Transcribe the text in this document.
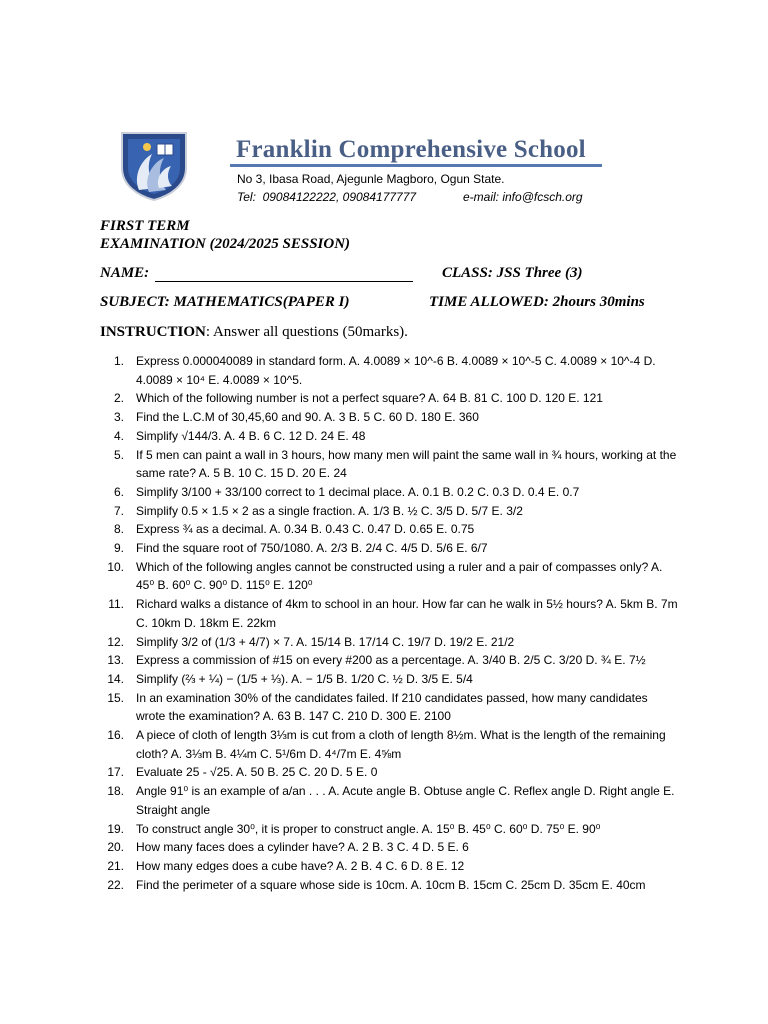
Franklin Comprehensive School
No 3, Ibasa Road, Ajegunle Magboro, Ogun State.
Tel:  09084122222, 09084177777	e-mail: info@fcsch.org
FIRST TERM
EXAMINATION (2024/2025 SESSION)
NAME:	CLASS: JSS Three (3)
SUBJECT: MATHEMATICS(PAPER I)	TIME ALLOWED: 2hours 30mins
INSTRUCTION: Answer all questions (50marks).
1. Express 0.000040089 in standard form. A. 4.0089 × 10^-6 B. 4.0089 × 10^-5 C. 4.0089 × 10^-4 D. 4.0089 × 10⁴ E. 4.0089 × 10^5.
2. Which of the following number is not a perfect square? A. 64 B. 81 C. 100 D. 120 E. 121
3. Find the L.C.M of 30,45,60 and 90. A. 3 B. 5 C. 60 D. 180 E. 360
4. Simplify √144/3. A. 4 B. 6 C. 12 D. 24 E. 48
5. If 5 men can paint a wall in 3 hours, how many men will paint the same wall in ¾ hours, working at the same rate? A. 5 B. 10 C. 15 D. 20 E. 24
6. Simplify 3/100 + 33/100 correct to 1 decimal place. A. 0.1 B. 0.2 C. 0.3 D. 0.4 E. 0.7
7. Simplify 0.5 × 1.5 × 2 as a single fraction. A. 1/3 B. ½ C. 3/5 D. 5/7 E. 3/2
8. Express ¾ as a decimal. A. 0.34 B. 0.43 C. 0.47 D. 0.65 E. 0.75
9. Find the square root of 750/1080. A. 2/3 B. 2/4 C. 4/5 D. 5/6 E. 6/7
10. Which of the following angles cannot be constructed using a ruler and a pair of compasses only? A. 45⁰ B. 60⁰ C. 90⁰ D. 115⁰ E. 120⁰
11. Richard walks a distance of 4km to school in an hour. How far can he walk in 5½ hours? A. 5km B. 7m C. 10km D. 18km E. 22km
12. Simplify 3/2 of (1/3 + 4/7) × 7. A. 15/14 B. 17/14 C. 19/7 D. 19/2 E. 21/2
13. Express a commission of #15 on every #200 as a percentage. A. 3/40 B. 2/5 C. 3/20 D. ¾ E. 7½
14. Simplify (⅔ + ¼) − (1/5 + ⅓). A. − 1/5 B. 1/20 C. ½ D. 3/5 E. 5/4
15. In an examination 30% of the candidates failed. If 210 candidates passed, how many candidates wrote the examination? A. 63 B. 147 C. 210 D. 300 E. 2100
16. A piece of cloth of length 3⅓m is cut from a cloth of length 8½m. What is the length of the remaining cloth? A. 3⅓m B. 4¼m C. 5¹/6m D. 4⁴/7m E. 4⅝m
17. Evaluate 25 - √25. A. 50 B. 25 C. 20 D. 5 E. 0
18. Angle 91⁰ is an example of a/an . . . A. Acute angle B. Obtuse angle C. Reflex angle D. Right angle E. Straight angle
19. To construct angle 30⁰, it is proper to construct angle. A. 15⁰ B. 45⁰ C. 60⁰ D. 75⁰ E. 90⁰
20. How many faces does a cylinder have? A. 2 B. 3 C. 4 D. 5 E. 6
21. How many edges does a cube have? A. 2 B. 4 C. 6 D. 8 E. 12
22. Find the perimeter of a square whose side is 10cm. A. 10cm B. 15cm C. 25cm D. 35cm E. 40cm
